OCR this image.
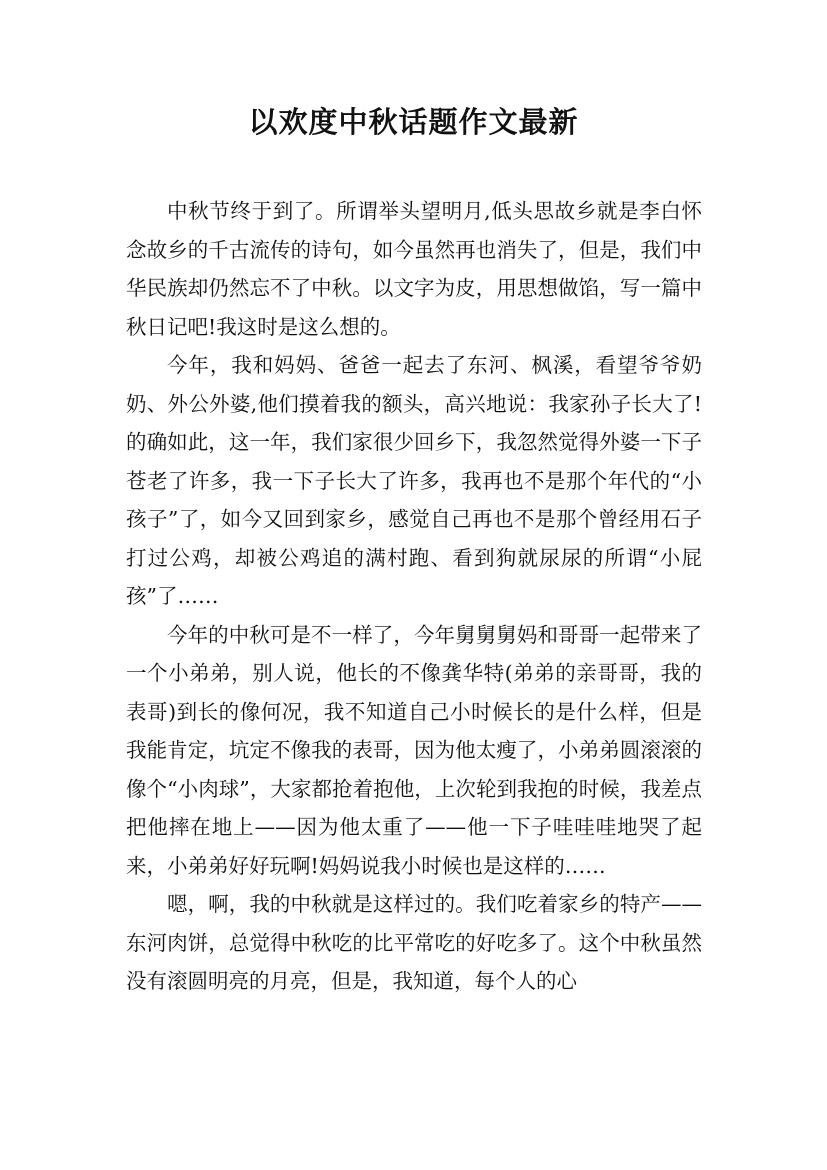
以欢度中秋话题作文最新

中秋节终于到了。所谓举头望明月,低头思故乡就是李白怀念故乡的千古流传的诗句，如今虽然再也消失了，但是，我们中华民族却仍然忘不了中秋。以文字为皮，用思想做馅，写一篇中秋日记吧!我这时是这么想的。

今年，我和妈妈、爸爸一起去了东河、枫溪，看望爷爷奶奶、外公外婆,他们摸着我的额头，高兴地说：我家孙子长大了!的确如此，这一年，我们家很少回乡下，我忽然觉得外婆一下子苍老了许多，我一下子长大了许多，我再也不是那个年代的“小孩子”了，如今又回到家乡，感觉自己再也不是那个曾经用石子打过公鸡，却被公鸡追的满村跑、看到狗就尿尿的所谓“小屁孩”了……

今年的中秋可是不一样了，今年舅舅舅妈和哥哥一起带来了一个小弟弟，别人说，他长的不像龚华特(弟弟的亲哥哥，我的表哥)到长的像何况，我不知道自己小时候长的是什么样，但是我能肯定，坑定不像我的表哥，因为他太瘦了，小弟弟圆滚滚的像个“小肉球”，大家都抢着抱他，上次轮到我抱的时候，我差点把他摔在地上——因为他太重了——他一下子哇哇哇地哭了起来，小弟弟好好玩啊!妈妈说我小时候也是这样的……

嗯，啊，我的中秋就是这样过的。我们吃着家乡的特产——东河肉饼，总觉得中秋吃的比平常吃的好吃多了。这个中秋虽然没有滚圆明亮的月亮，但是，我知道，每个人的心
